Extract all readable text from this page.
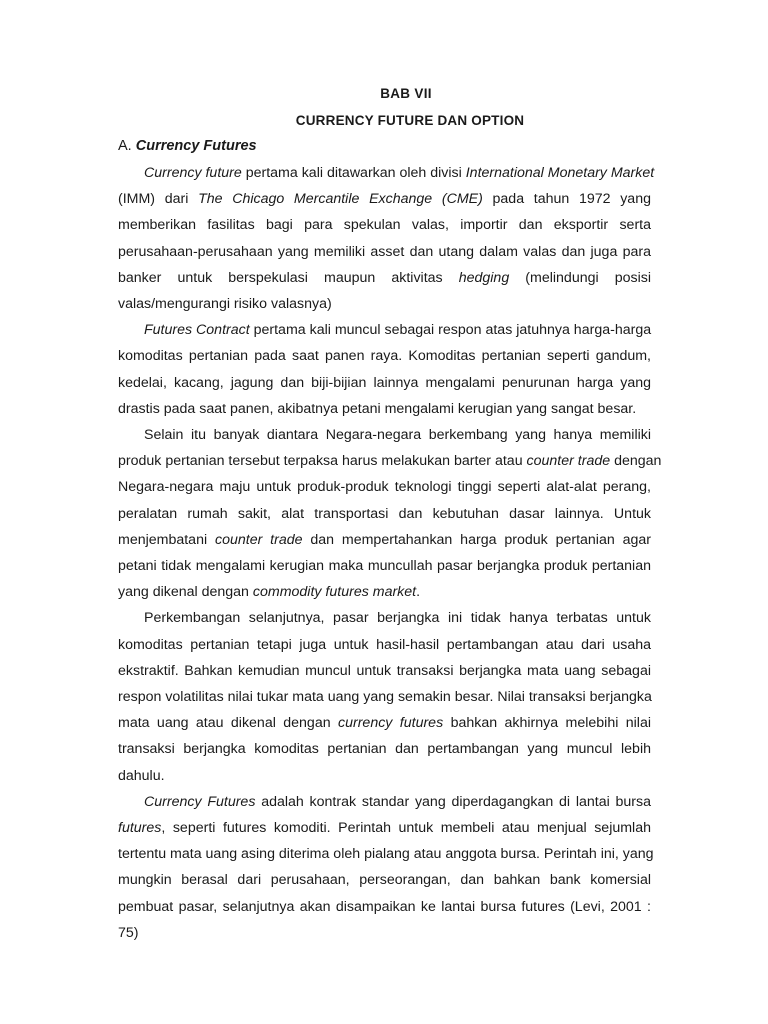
BAB VII
CURRENCY FUTURE DAN OPTION
A. Currency Futures
Currency future pertama kali ditawarkan oleh divisi International Monetary Market
(IMM) dari The Chicago Mercantile Exchange (CME) pada tahun 1972 yang
memberikan fasilitas bagi para spekulan valas, importir dan eksportir serta
perusahaan-perusahaan yang memiliki asset dan utang dalam valas dan juga para
banker untuk berspekulasi maupun aktivitas hedging (melindungi posisi
valas/mengurangi risiko valasnya)
Futures Contract pertama kali muncul sebagai respon atas jatuhnya harga-harga
komoditas pertanian pada saat panen raya. Komoditas pertanian seperti gandum,
kedelai, kacang, jagung dan biji-bijian lainnya mengalami penurunan harga yang
drastis pada saat panen, akibatnya petani mengalami kerugian yang sangat besar.
Selain itu banyak diantara Negara-negara berkembang yang hanya memiliki
produk pertanian tersebut terpaksa harus melakukan barter atau counter trade dengan
Negara-negara maju untuk produk-produk teknologi tinggi seperti alat-alat perang,
peralatan rumah sakit, alat transportasi dan kebutuhan dasar lainnya. Untuk
menjembatani counter trade dan mempertahankan harga produk pertanian agar
petani tidak mengalami kerugian maka muncullah pasar berjangka produk pertanian
yang dikenal dengan commodity futures market.
Perkembangan selanjutnya, pasar berjangka ini tidak hanya terbatas untuk
komoditas pertanian tetapi juga untuk hasil-hasil pertambangan atau dari usaha
ekstraktif. Bahkan kemudian muncul untuk transaksi berjangka mata uang sebagai
respon volatilitas nilai tukar mata uang yang semakin besar. Nilai transaksi berjangka
mata uang atau dikenal dengan currency futures bahkan akhirnya melebihi nilai
transaksi berjangka komoditas pertanian dan pertambangan yang muncul lebih
dahulu.
Currency Futures adalah kontrak standar yang diperdagangkan di lantai bursa
futures, seperti futures komoditi. Perintah untuk membeli atau menjual sejumlah
tertentu mata uang asing diterima oleh pialang atau anggota bursa. Perintah ini, yang
mungkin berasal dari perusahaan, perseorangan, dan bahkan bank komersial
pembuat pasar, selanjutnya akan disampaikan ke lantai bursa futures (Levi, 2001 :
75)
